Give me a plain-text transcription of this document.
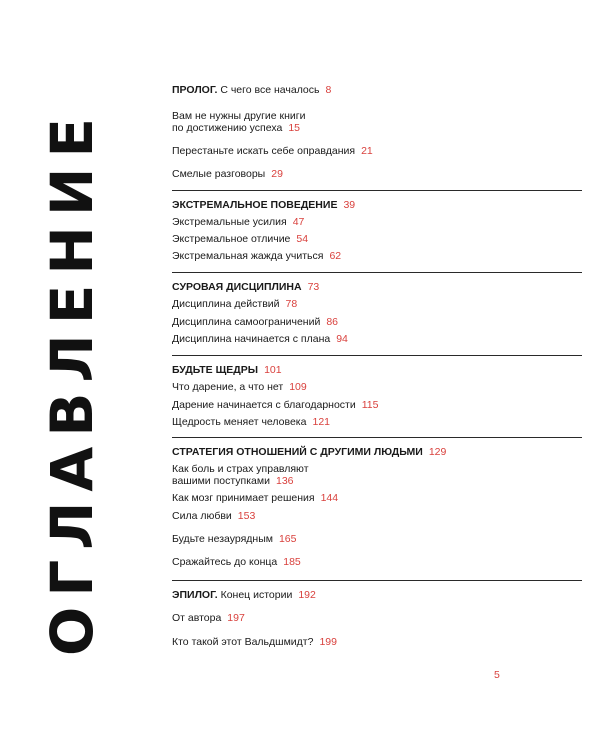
ОГЛАВЛЕНИЕ
ПРОЛОГ. С чего все началось 8
Вам не нужны другие книги
по достижению успеха 15
Перестаньте искать себе оправдания 21
Смелые разговоры 29
ЭКСТРЕМАЛЬНОЕ ПОВЕДЕНИЕ 39
Экстремальные усилия 47
Экстремальное отличие 54
Экстремальная жажда учиться 62
СУРОВАЯ ДИСЦИПЛИНА 73
Дисциплина действий 78
Дисциплина самоограничений 86
Дисциплина начинается с плана 94
БУДЬТЕ ЩЕДРЫ 101
Что дарение, а что нет 109
Дарение начинается с благодарности 115
Щедрость меняет человека 121
СТРАТЕГИЯ ОТНОШЕНИЙ С ДРУГИМИ ЛЮДЬМИ 129
Как боль и страх управляют
вашими поступками 136
Как мозг принимает решения 144
Сила любви 153
Будьте незаурядным 165
Сражайтесь до конца 185
ЭПИЛОГ. Конец истории 192
От автора 197
Кто такой этот Вальдшмидт? 199
5
